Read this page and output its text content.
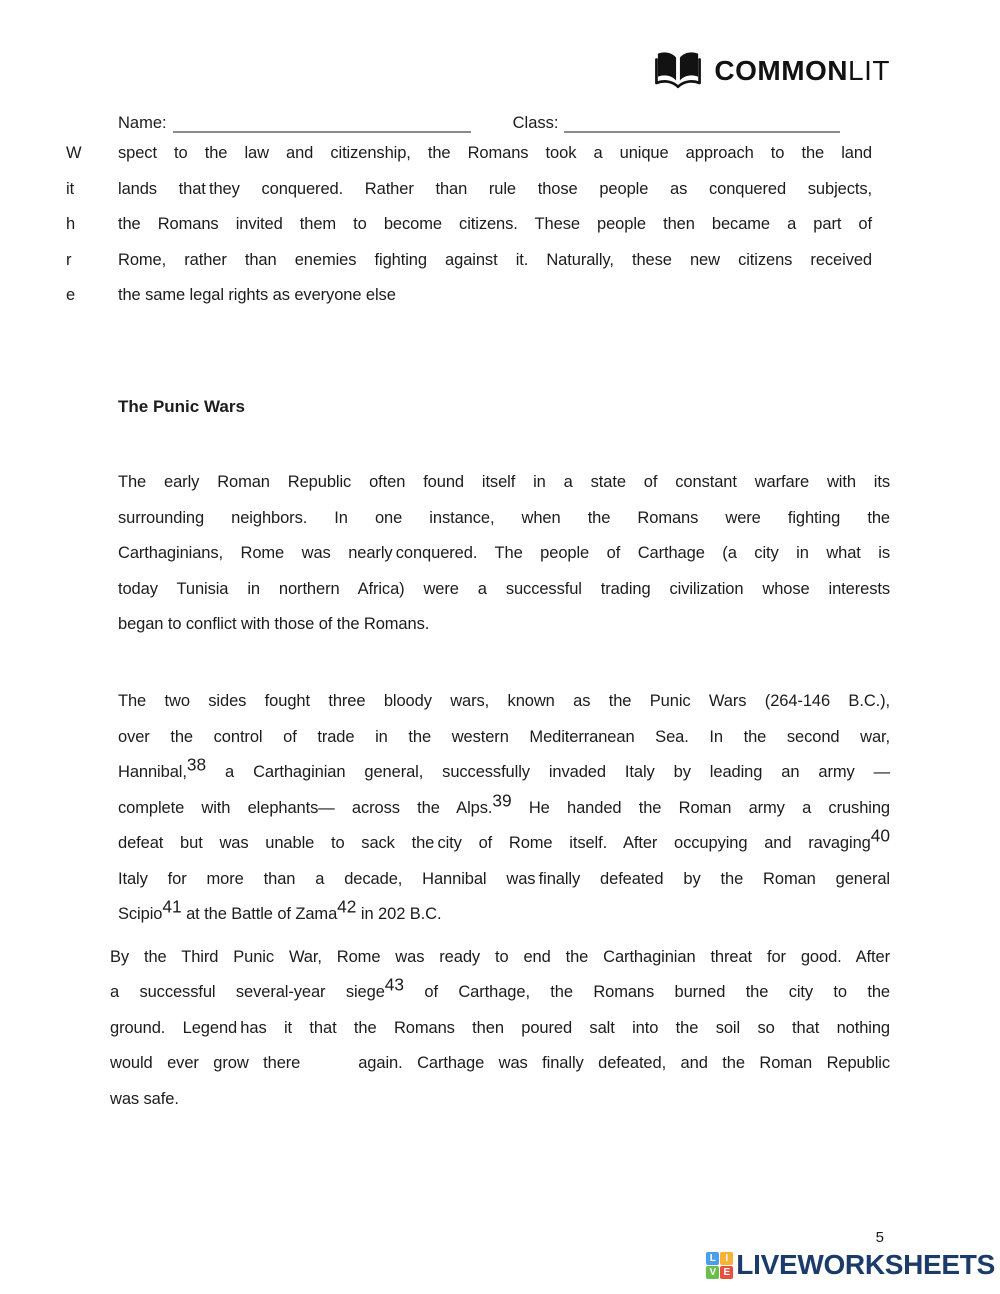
COMMONLIT
Name:	Class:
W
it
h
r
e
spect to the law and citizenship, the Romans took a unique approach to the land
lands that they conquered. Rather than rule those people as conquered subjects,
the Romans invited them to become citizens. These people then became a part of
Rome, rather than enemies fighting against it. Naturally, these new citizens received
the same legal rights as everyone else
The Punic Wars
The early Roman Republic often found itself in a state of constant warfare with its
surrounding neighbors. In one instance, when the Romans were fighting the
Carthaginians, Rome was nearly conquered. The people of Carthage (a city in what is
today Tunisia in northern Africa) were a successful trading civilization whose interests
began to conflict with those of the Romans.
The two sides fought three bloody wars, known as the Punic Wars (264-146 B.C.),
over the control of trade in the western Mediterranean Sea. In the second war,
Hannibal,$^{38}$ a Carthaginian general, successfully invaded Italy by leading an army —
complete with elephants— across the Alps.$^{39}$ He handed the Roman army a crushing
defeat but was unable to sack the city of Rome itself. After occupying and ravaging$^{40}$
Italy for more than a decade, Hannibal was finally defeated by the Roman general
Scipio$^{41}$ at the Battle of Zama$^{42}$ in 202 B.C.
By the Third Punic War, Rome was ready to end the Carthaginian threat for good. After
a successful several-year siege$^{43}$ of Carthage, the Romans burned the city to the
ground. Legend has it that the Romans then poured salt into the soil so that nothing
would ever grow there    again. Carthage was finally defeated, and the Roman Republic
was safe.
5
L I
V E LIVEWORKSHEETS
